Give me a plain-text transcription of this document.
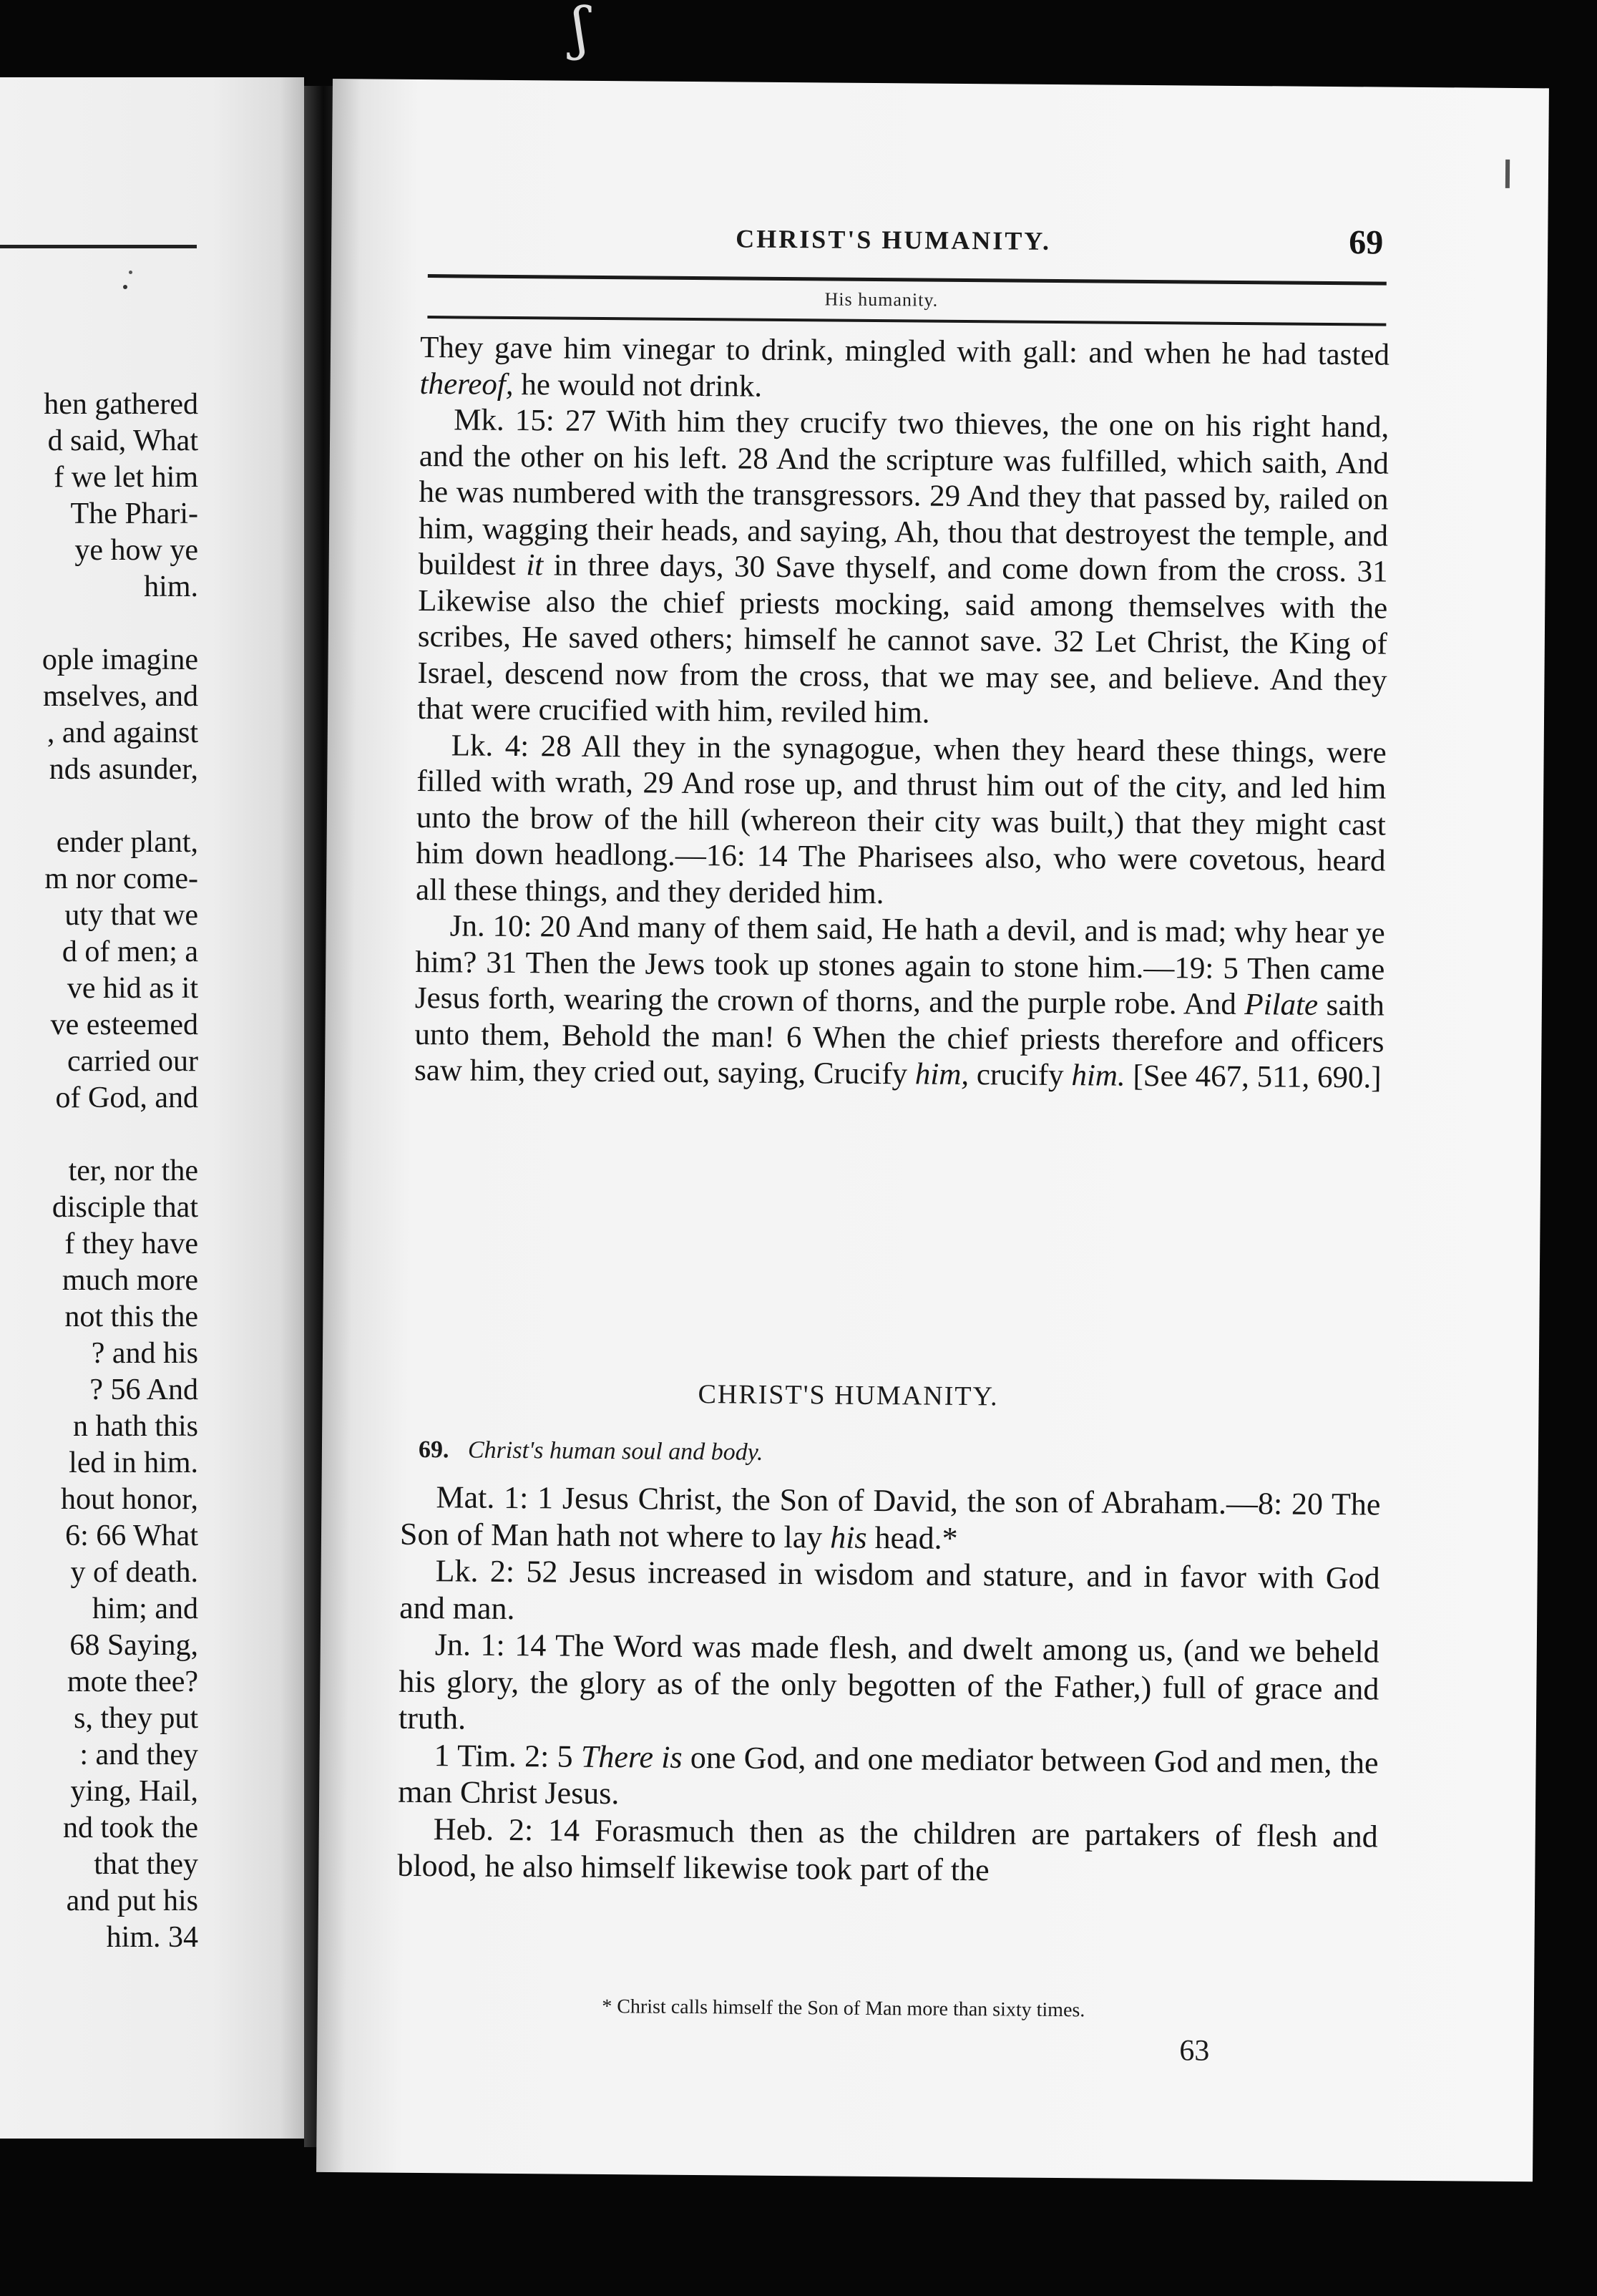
ʃ
hen gathered
d said, What
f we let him
The Phari-
ye how ye
him.
ople imagine
mselves, and
, and against
nds asunder,
ender plant,
m nor come-
uty that we
d of men; a
ve hid as it
ve esteemed
carried our
of God, and
ter, nor the
disciple that
f they have
much more
not this the
? and his
? 56 And
n hath this
led in him.
hout honor,
6: 66 What
y of death.
him; and
68 Saying,
mote thee?
s, they put
: and they
ying, Hail,
nd took the
that they
and put his
him. 34
CHRIST'S HUMANITY.	69
His humanity.

They gave him vinegar to drink, mingled with gall: and when he had tasted thereof, he would not drink.

Mk. 15: 27 With him they crucify two thieves, the one on his right hand, and the other on his left. 28 And the scripture was fulfilled, which saith, And he was numbered with the transgressors. 29 And they that passed by, railed on him, wagging their heads, and saying, Ah, thou that destroyest the temple, and buildest it in three days, 30 Save thyself, and come down from the cross. 31 Likewise also the chief priests mocking, said among themselves with the scribes, He saved others; himself he cannot save. 32 Let Christ, the King of Israel, descend now from the cross, that we may see, and believe. And they that were crucified with him, reviled him.

Lk. 4: 28 All they in the synagogue, when they heard these things, were filled with wrath, 29 And rose up, and thrust him out of the city, and led him unto the brow of the hill (whereon their city was built,) that they might cast him down headlong.—16: 14 The Pharisees also, who were covetous, heard all these things, and they derided him.

Jn. 10: 20 And many of them said, He hath a devil, and is mad; why hear ye him? 31 Then the Jews took up stones again to stone him.—19: 5 Then came Jesus forth, wearing the crown of thorns, and the purple robe. And Pilate saith unto them, Behold the man! 6 When the chief priests therefore and officers saw him, they cried out, saying, Crucify him, crucify him. [See 467, 511, 690.]

CHRIST'S HUMANITY.
69. Christ's human soul and body.

Mat. 1: 1 Jesus Christ, the Son of David, the son of Abraham.—8: 20 The Son of Man hath not where to lay his head.*

Lk. 2: 52 Jesus increased in wisdom and stature, and in favor with God and man.

Jn. 1: 14 The Word was made flesh, and dwelt among us, (and we beheld his glory, the glory as of the only begotten of the Father,) full of grace and truth.

1 Tim. 2: 5 There is one God, and one mediator between God and men, the man Christ Jesus.

Heb. 2: 14 Forasmuch then as the children are partakers of flesh and blood, he also himself likewise took part of the

* Christ calls himself the Son of Man more than sixty times.
63
